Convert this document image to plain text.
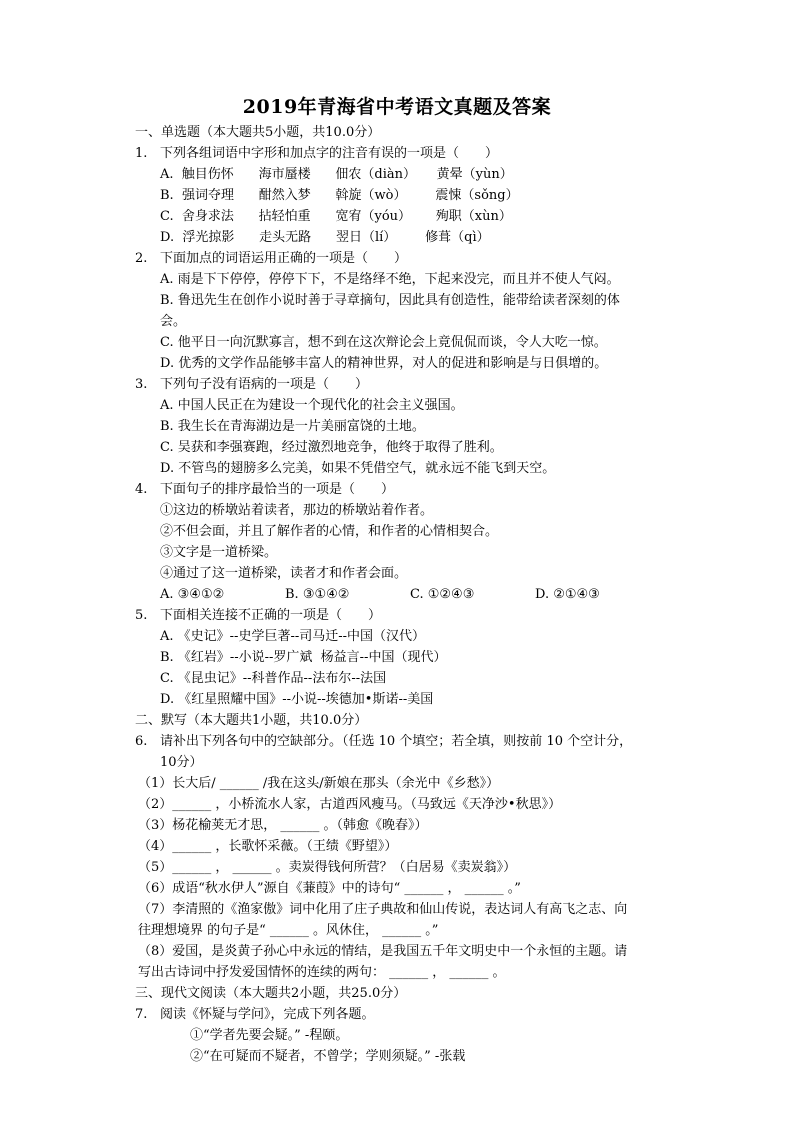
2019年青海省中考语文真题及答案
一、单选题（本大题共5小题，共10.0分）
1. 下列各组词语中字形和加点字的注音有误的一项是（　　）
A.  触目伤怀      海市蜃楼      佃农（diàn）     黄晕（yùn）
B.  强词夺理      酣然入梦      斡旋（wò）       震悚（sǒng）
C.  舍身求法      拈轻怕重      宽宥（yóu）      殉职（xùn）
D.  浮光掠影      走头无路      翌日（lí）       修葺（qì）
2. 下面加点的词语运用正确的一项是（　　）
A. 雨是下下停停，停停下下，不是络绎不绝，下起来没完，而且并不使人气闷。
B. 鲁迅先生在创作小说时善于寻章摘句，因此具有创造性，能带给读者深刻的体
会。
C. 他平日一向沉默寡言，想不到在这次辩论会上竟侃侃而谈，令人大吃一惊。
D. 优秀的文学作品能够丰富人的精神世界，对人的促进和影响是与日俱增的。
3. 下列句子没有语病的一项是（　　）
A. 中国人民正在为建设一个现代化的社会主义强国。
B. 我生长在青海湖边是一片美丽富饶的土地。
C. 吴获和李强赛跑，经过激烈地竞争，他终于取得了胜利。
D. 不管鸟的翅膀多么完美，如果不凭借空气，就永远不能飞到天空。
4. 下面句子的排序最恰当的一项是（　　）
①这边的桥墩站着读者，那边的桥墩站着作者。
②不但会面，并且了解作者的心情，和作者的心情相契合。
③文字是一道桥梁。
④通过了这一道桥梁，读者才和作者会面。
A. ③④①②	B. ③①④②	C. ①②④③	D. ②①④③
5. 下面相关连接不正确的一项是（　　）
A. 《史记》--史学巨著--司马迁--中国（汉代）
B. 《红岩》--小说--罗广斌  杨益言--中国（现代）
C. 《昆虫记》--科普作品--法布尔--法国
D. 《红星照耀中国》--小说--埃德加•斯诺--美国
二、默写（本大题共1小题，共10.0分）
6. 请补出下列各句中的空缺部分。（任选 10 个填空；若全填，则按前 10 个空计分，
10分）
（1）长大后/ ______ /我在这头/新娘在那头（余光中《乡愁》）
（2）______ ，小桥流水人家，古道西风瘦马。（马致远《天净沙•秋思》）
（3）杨花榆荚无才思， ______ 。（韩愈《晚春》）
（4）______ ，长歌怀采薇。（王绩《野望》）
（5）______ ， ______ 。卖炭得钱何所营？（白居易《卖炭翁》）
（6）成语“秋水伊人”源自《蒹葭》中的诗句“ ______ ， ______ 。”
（7）李清照的《渔家傲》词中化用了庄子典故和仙山传说，表达词人有高飞之志、向
往理想境界 的句子是“ ______ 。风休住， ______ 。”
（8）爱国，是炎黄子孙心中永远的情结，是我国五千年文明史中一个永恒的主题。请
写出古诗词中抒发爱国情怀的连续的两句： ______ ， ______ 。
三、现代文阅读（本大题共2小题，共25.0分）
7. 阅读《怀疑与学问》，完成下列各题。
①“学者先要会疑。” -程颐。
②“在可疑而不疑者，不曾学；学则须疑。” -张载
